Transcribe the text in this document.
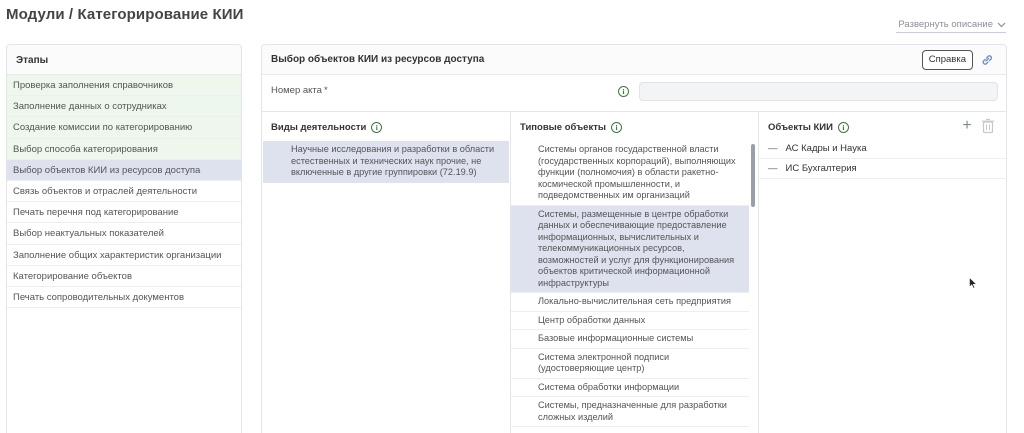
Модули / Категорирование КИИ
Развернуть описание
Этапы
Проверка заполнения справочников
Заполнение данных о сотрудниках
Создание комиссии по категорированию
Выбор способа категорирования
Выбор объектов КИИ из ресурсов доступа
Связь объектов и отраслей деятельности
Печать перечня под категорирование
Выбор неактуальных показателей
Заполнение общих характеристик организации
Категорирование объектов
Печать сопроводительных документов
Выбор объектов КИИ из ресурсов доступа	Справка
Номер акта *	i
Виды деятельности	i	Типовые объекты	i	Объекты КИИ	i	+
Научные исследования и разработки в области естественных и технических наук прочие, не включенные в другие группировки (72.19.9)
Системы органов государственной власти (государственных корпораций), выполняющих функции (полномочия) в области ракетно-космической промышленности, и подведомственных им организаций
Системы, размещенные в центре обработки данных и обеспечивающие предоставление информационных, вычислительных и телекоммуникационных ресурсов, возможностей и услуг для функционирования объектов критической информационной инфраструктуры
Локально-вычислительная сеть предприятия
Центр обработки данных
Базовые информационные системы
Система электронной подписи (удостоверяющие центр)
Система обработки информации
Системы, предназначенные для разработки сложных изделий
— АС Кадры и Наука
— ИС Бухгалтерия
